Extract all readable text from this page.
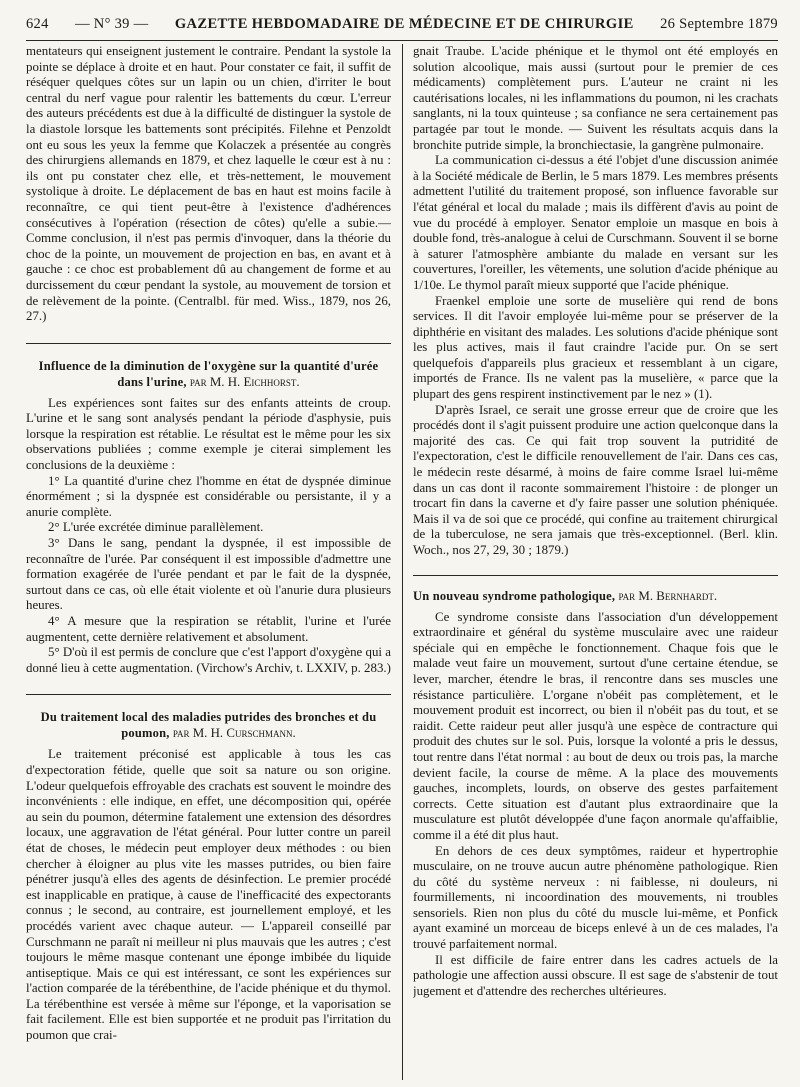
624 — N° 39 — GAZETTE HEBDOMADAIRE DE MÉDECINE ET DE CHIRURGIE 26 Septembre 1879

mentateurs qui enseignent justement le contraire. Pendant la systole la pointe se déplace à droite et en haut. Pour constater ce fait, il suffit de réséquer quelques côtes sur un lapin ou un chien, d'irriter le bout central du nerf vague pour ralentir les battements du cœur. L'erreur des auteurs précédents est due à la difficulté de distinguer la systole de la diastole lorsque les battements sont précipités. Filehne et Penzoldt ont eu sous les yeux la femme que Kolaczek a présentée au congrès des chirurgiens allemands en 1879, et chez laquelle le cœur est à nu : ils ont pu constater chez elle, et très-nettement, le mouvement systolique à droite. Le déplacement de bas en haut est moins facile à reconnaître, ce qui tient peut-être à l'existence d'adhérences consécutives à l'opération (résection de côtes) qu'elle a subie.— Comme conclusion, il n'est pas permis d'invoquer, dans la théorie du choc de la pointe, un mouvement de projection en bas, en avant et à gauche : ce choc est probablement dû au changement de forme et au durcissement du cœur pendant la systole, au mouvement de torsion et de relèvement de la pointe. (Centralbl. für med. Wiss., 1879, nos 26, 27.)

Influence de la diminution de l'oxygène sur la quantité d'urée dans l'urine, par M. H. Eichhorst.

Les expériences sont faites sur des enfants atteints de croup. L'urine et le sang sont analysés pendant la période d'asphysie, puis lorsque la respiration est rétablie. Le résultat est le même pour les six observations publiées ; comme exemple je citerai simplement les conclusions de la deuxième :

1° La quantité d'urine chez l'homme en état de dyspnée diminue énormément ; si la dyspnée est considérable ou persistante, il y a anurie complète.

2° L'urée excrétée diminue parallèlement.

3° Dans le sang, pendant la dyspnée, il est impossible de reconnaître de l'urée. Par conséquent il est impossible d'admettre une formation exagérée de l'urée pendant et par le fait de la dyspnée, surtout dans ce cas, où elle était violente et où l'anurie dura plusieurs heures.

4° A mesure que la respiration se rétablit, l'urine et l'urée augmentent, cette dernière relativement et absolument.

5° D'où il est permis de conclure que c'est l'apport d'oxygène qui a donné lieu à cette augmentation. (Virchow's Archiv, t. LXXIV, p. 283.)

Du traitement local des maladies putrides des bronches et du poumon, par M. H. Curschmann.

Le traitement préconisé est applicable à tous les cas d'expectoration fétide, quelle que soit sa nature ou son origine. L'odeur quelquefois effroyable des crachats est souvent le moindre des inconvénients : elle indique, en effet, une décomposition qui, opérée au sein du poumon, détermine fatalement une extension des désordres locaux, une aggravation de l'état général. Pour lutter contre un pareil état de choses, le médecin peut employer deux méthodes : ou bien chercher à éloigner au plus vite les masses putrides, ou bien faire pénétrer jusqu'à elles des agents de désinfection. Le premier procédé est inapplicable en pratique, à cause de l'inefficacité des expectorants connus ; le second, au contraire, est journellement employé, et les procédés varient avec chaque auteur. — L'appareil conseillé par Curschmann ne paraît ni meilleur ni plus mauvais que les autres ; c'est toujours le même masque contenant une éponge imbibée du liquide antiseptique. Mais ce qui est intéressant, ce sont les expériences sur l'action comparée de la térébenthine, de l'acide phénique et du thymol. La térébenthine est versée à même sur l'éponge, et la vaporisation se fait facilement. Elle est bien supportée et ne produit pas l'irritation du poumon que crai-

gnait Traube. L'acide phénique et le thymol ont été employés en solution alcoolique, mais aussi (surtout pour le premier de ces médicaments) complètement purs. L'auteur ne craint ni les cautérisations locales, ni les inflammations du poumon, ni les crachats sanglants, ni la toux quinteuse ; sa confiance ne sera certainement pas partagée par tout le monde. — Suivent les résultats acquis dans la bronchite putride simple, la bronchiectasie, la gangrène pulmonaire.

La communication ci-dessus a été l'objet d'une discussion animée à la Société médicale de Berlin, le 5 mars 1879. Les membres présents admettent l'utilité du traitement proposé, son influence favorable sur l'état général et local du malade ; mais ils diffèrent d'avis au point de vue du procédé à employer. Senator emploie un masque en bois à double fond, très-analogue à celui de Curschmann. Souvent il se borne à saturer l'atmosphère ambiante du malade en versant sur les couvertures, l'oreiller, les vêtements, une solution d'acide phénique au 1/10e. Le thymol paraît mieux supporté que l'acide phénique.

Fraenkel emploie une sorte de muselière qui rend de bons services. Il dit l'avoir employée lui-même pour se préserver de la diphthérie en visitant des malades. Les solutions d'acide phénique sont les plus actives, mais il faut craindre l'acide pur. On se sert quelquefois d'appareils plus gracieux et ressemblant à un cigare, importés de France. Ils ne valent pas la muselière, « parce que la plupart des gens respirent instinctivement par le nez » (1).

D'après Israel, ce serait une grosse erreur que de croire que les procédés dont il s'agit puissent produire une action quelconque dans la majorité des cas. Ce qui fait trop souvent la putridité de l'expectoration, c'est le difficile renouvellement de l'air. Dans ces cas, le médecin reste désarmé, à moins de faire comme Israel lui-même dans un cas dont il raconte sommairement l'histoire : de plonger un trocart fin dans la caverne et d'y faire passer une solution phéniquée. Mais il va de soi que ce procédé, qui confine au traitement chirurgical de la tuberculose, ne sera jamais que très-exceptionnel. (Berl. klin. Woch., nos 27, 29, 30 ; 1879.)

Un nouveau syndrome pathologique, par M. Bernhardt.

Ce syndrome consiste dans l'association d'un développement extraordinaire et général du système musculaire avec une raideur spéciale qui en empêche le fonctionnement. Chaque fois que le malade veut faire un mouvement, surtout d'une certaine étendue, se lever, marcher, étendre le bras, il rencontre dans ses muscles une résistance particulière. L'organe n'obéit pas complètement, et le mouvement produit est incorrect, ou bien il n'obéit pas du tout, et se raidit. Cette raideur peut aller jusqu'à une espèce de contracture qui produit des chutes sur le sol. Puis, lorsque la volonté a pris le dessus, tout rentre dans l'état normal : au bout de deux ou trois pas, la marche devient facile, la course de même. A la place des mouvements gauches, incomplets, lourds, on observe des gestes parfaitement corrects. Cette situation est d'autant plus extraordinaire que la musculature est plutôt développée d'une façon anormale qu'affaiblie, comme il a été dit plus haut.

En dehors de ces deux symptômes, raideur et hypertrophie musculaire, on ne trouve aucun autre phénomène pathologique. Rien du côté du système nerveux : ni faiblesse, ni douleurs, ni fourmillements, ni incoordination des mouvements, ni troubles sensoriels. Rien non plus du côté du muscle lui-même, et Ponfick ayant examiné un morceau de biceps enlevé à un de ces malades, l'a trouvé parfaitement normal.

Il est difficile de faire entrer dans les cadres actuels de la pathologie une affection aussi obscure. Il est sage de s'abstenir de tout jugement et d'attendre des recherches ultérieures.
